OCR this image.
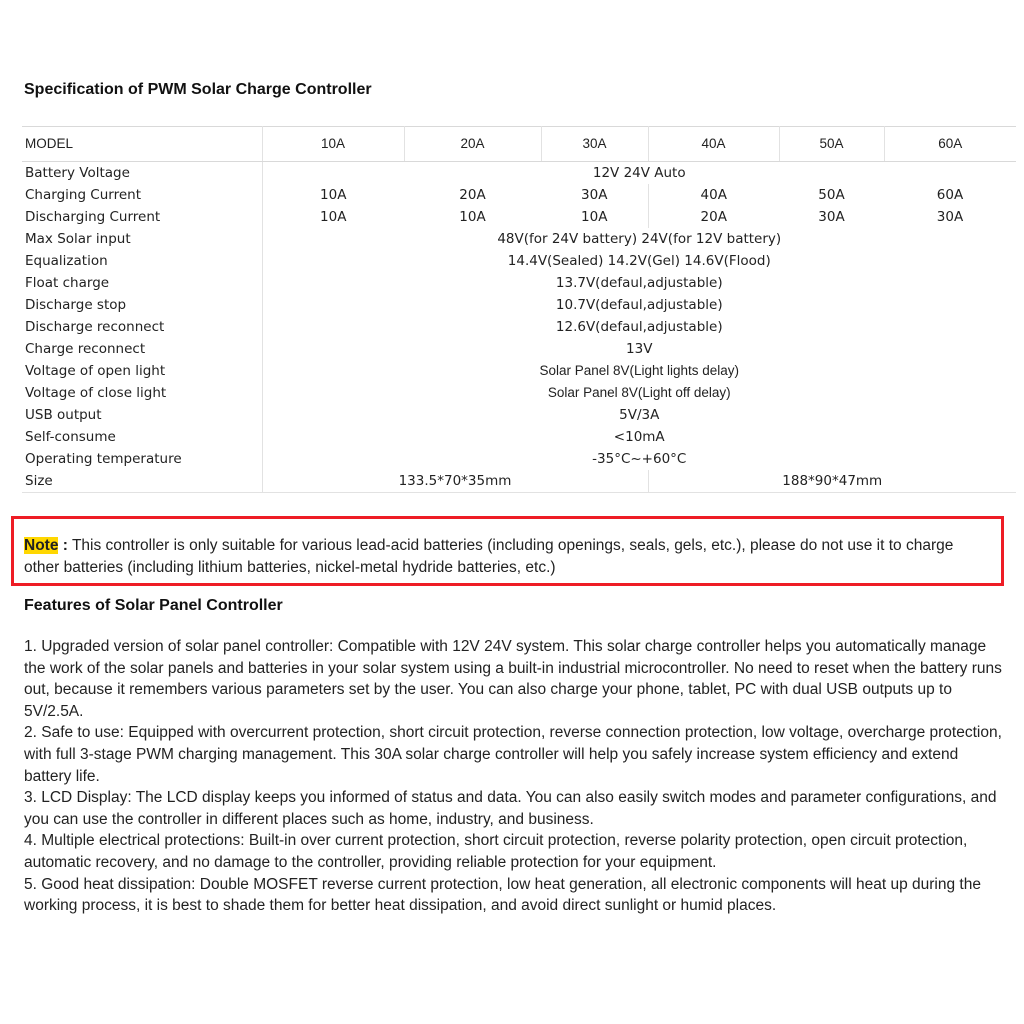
Specification of PWM Solar Charge Controller
MODEL	10A	20A	30A	40A	50A	60A
Battery Voltage	12V 24V Auto					
Charging Current	10A	20A	30A	40A	50A	60A
Discharging Current	10A	10A	10A	20A	30A	30A
Max Solar input	48V(for 24V battery) 24V(for 12V battery)					
Equalization	14.4V(Sealed) 14.2V(Gel) 14.6V(Flood)					
Float charge	13.7V(defaul,adjustable)					
Discharge stop	10.7V(defaul,adjustable)					
Discharge reconnect	12.6V(defaul,adjustable)					
Charge reconnect	13V					
Voltage of open light	Solar Panel 8V(Light lights delay)					
Voltage of close light	Solar Panel 8V(Light off delay)					
USB output	5V/3A					
Self-consume	<10mA					
Operating temperature	-35°C~+60°C					
Size	133.5*70*35mm			188*90*47mm		
Note : This controller is only suitable for various lead-acid batteries (including openings, seals, gels, etc.), please do not use it to charge other batteries (including lithium batteries, nickel-metal hydride batteries, etc.)
Features of Solar Panel Controller

1. Upgraded version of solar panel controller: Compatible with 12V 24V system. This solar charge controller helps you automatically manage the work of the solar panels and batteries in your solar system using a built-in industrial microcontroller. No need to reset when the battery runs out, because it remembers various parameters set by the user. You can also charge your phone, tablet, PC with dual USB outputs up to 5V/2.5A.

2. Safe to use: Equipped with overcurrent protection, short circuit protection, reverse connection protection, low voltage, overcharge protection, with full 3-stage PWM charging management. This 30A solar charge controller will help you safely increase system efficiency and extend battery life.

3. LCD Display: The LCD display keeps you informed of status and data. You can also easily switch modes and parameter configurations, and you can use the controller in different places such as home, industry, and business.

4. Multiple electrical protections: Built-in over current protection, short circuit protection, reverse polarity protection, open circuit protection, automatic recovery, and no damage to the controller, providing reliable protection for your equipment.

5. Good heat dissipation: Double MOSFET reverse current protection, low heat generation, all electronic components will heat up during the working process, it is best to shade them for better heat dissipation, and avoid direct sunlight or humid places.
